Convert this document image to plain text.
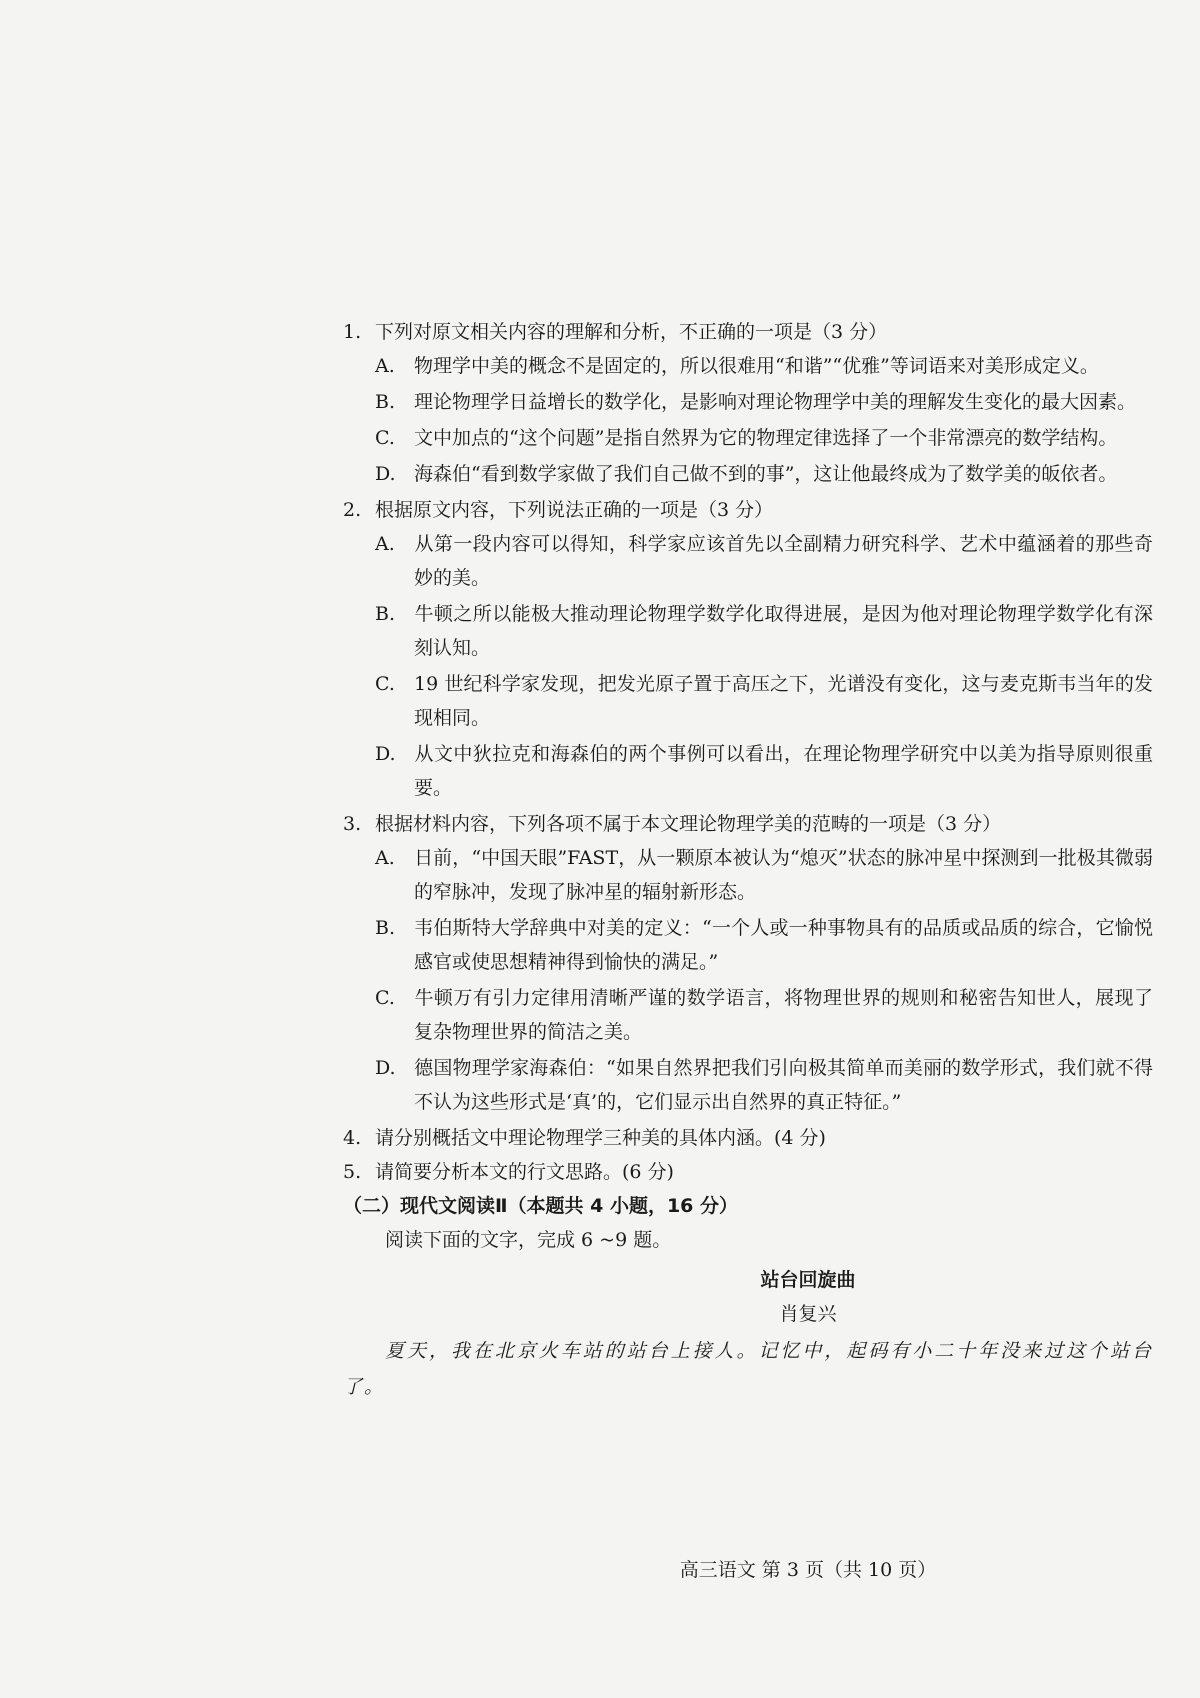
1. 下列对原文相关内容的理解和分析，不正确的一项是（3 分）

A. 物理学中美的概念不是固定的，所以很难用“和谐”“优雅”等词语来对美形成定义。

B. 理论物理学日益增长的数学化，是影响对理论物理学中美的理解发生变化的最大因素。

C. 文中加点的“这个问题”是指自然界为它的物理定律选择了一个非常漂亮的数学结构。

D. 海森伯“看到数学家做了我们自己做不到的事”，这让他最终成为了数学美的皈依者。

2. 根据原文内容，下列说法正确的一项是（3 分）

A. 从第一段内容可以得知，科学家应该首先以全副精力研究科学、艺术中蕴涵着的那些奇妙的美。

B. 牛顿之所以能极大推动理论物理学数学化取得进展，是因为他对理论物理学数学化有深刻认知。

C. 19 世纪科学家发现，把发光原子置于高压之下，光谱没有变化，这与麦克斯韦当年的发现相同。

D. 从文中狄拉克和海森伯的两个事例可以看出，在理论物理学研究中以美为指导原则很重要。

3. 根据材料内容，下列各项不属于本文理论物理学美的范畴的一项是（3 分）

A. 日前，“中国天眼”FAST，从一颗原本被认为“熄灭”状态的脉冲星中探测到一批极其微弱的窄脉冲，发现了脉冲星的辐射新形态。

B. 韦伯斯特大学辞典中对美的定义：“一个人或一种事物具有的品质或品质的综合，它愉悦感官或使思想精神得到愉快的满足。”

C. 牛顿万有引力定律用清晰严谨的数学语言，将物理世界的规则和秘密告知世人，展现了复杂物理世界的简洁之美。

D. 德国物理学家海森伯：“如果自然界把我们引向极其简单而美丽的数学形式，我们就不得不认为这些形式是‘真’的，它们显示出自然界的真正特征。”

4. 请分别概括文中理论物理学三种美的具体内涵。(4 分)

5. 请简要分析本文的行文思路。(6 分)

（二）现代文阅读Ⅱ（本题共 4 小题，16 分）

阅读下面的文字，完成 6 ~9 题。

站台回旋曲

肖复兴

夏天，我在北京火车站的站台上接人。记忆中，起码有小二十年没来过这个站台了。

高三语文 第 3 页（共 10 页）
